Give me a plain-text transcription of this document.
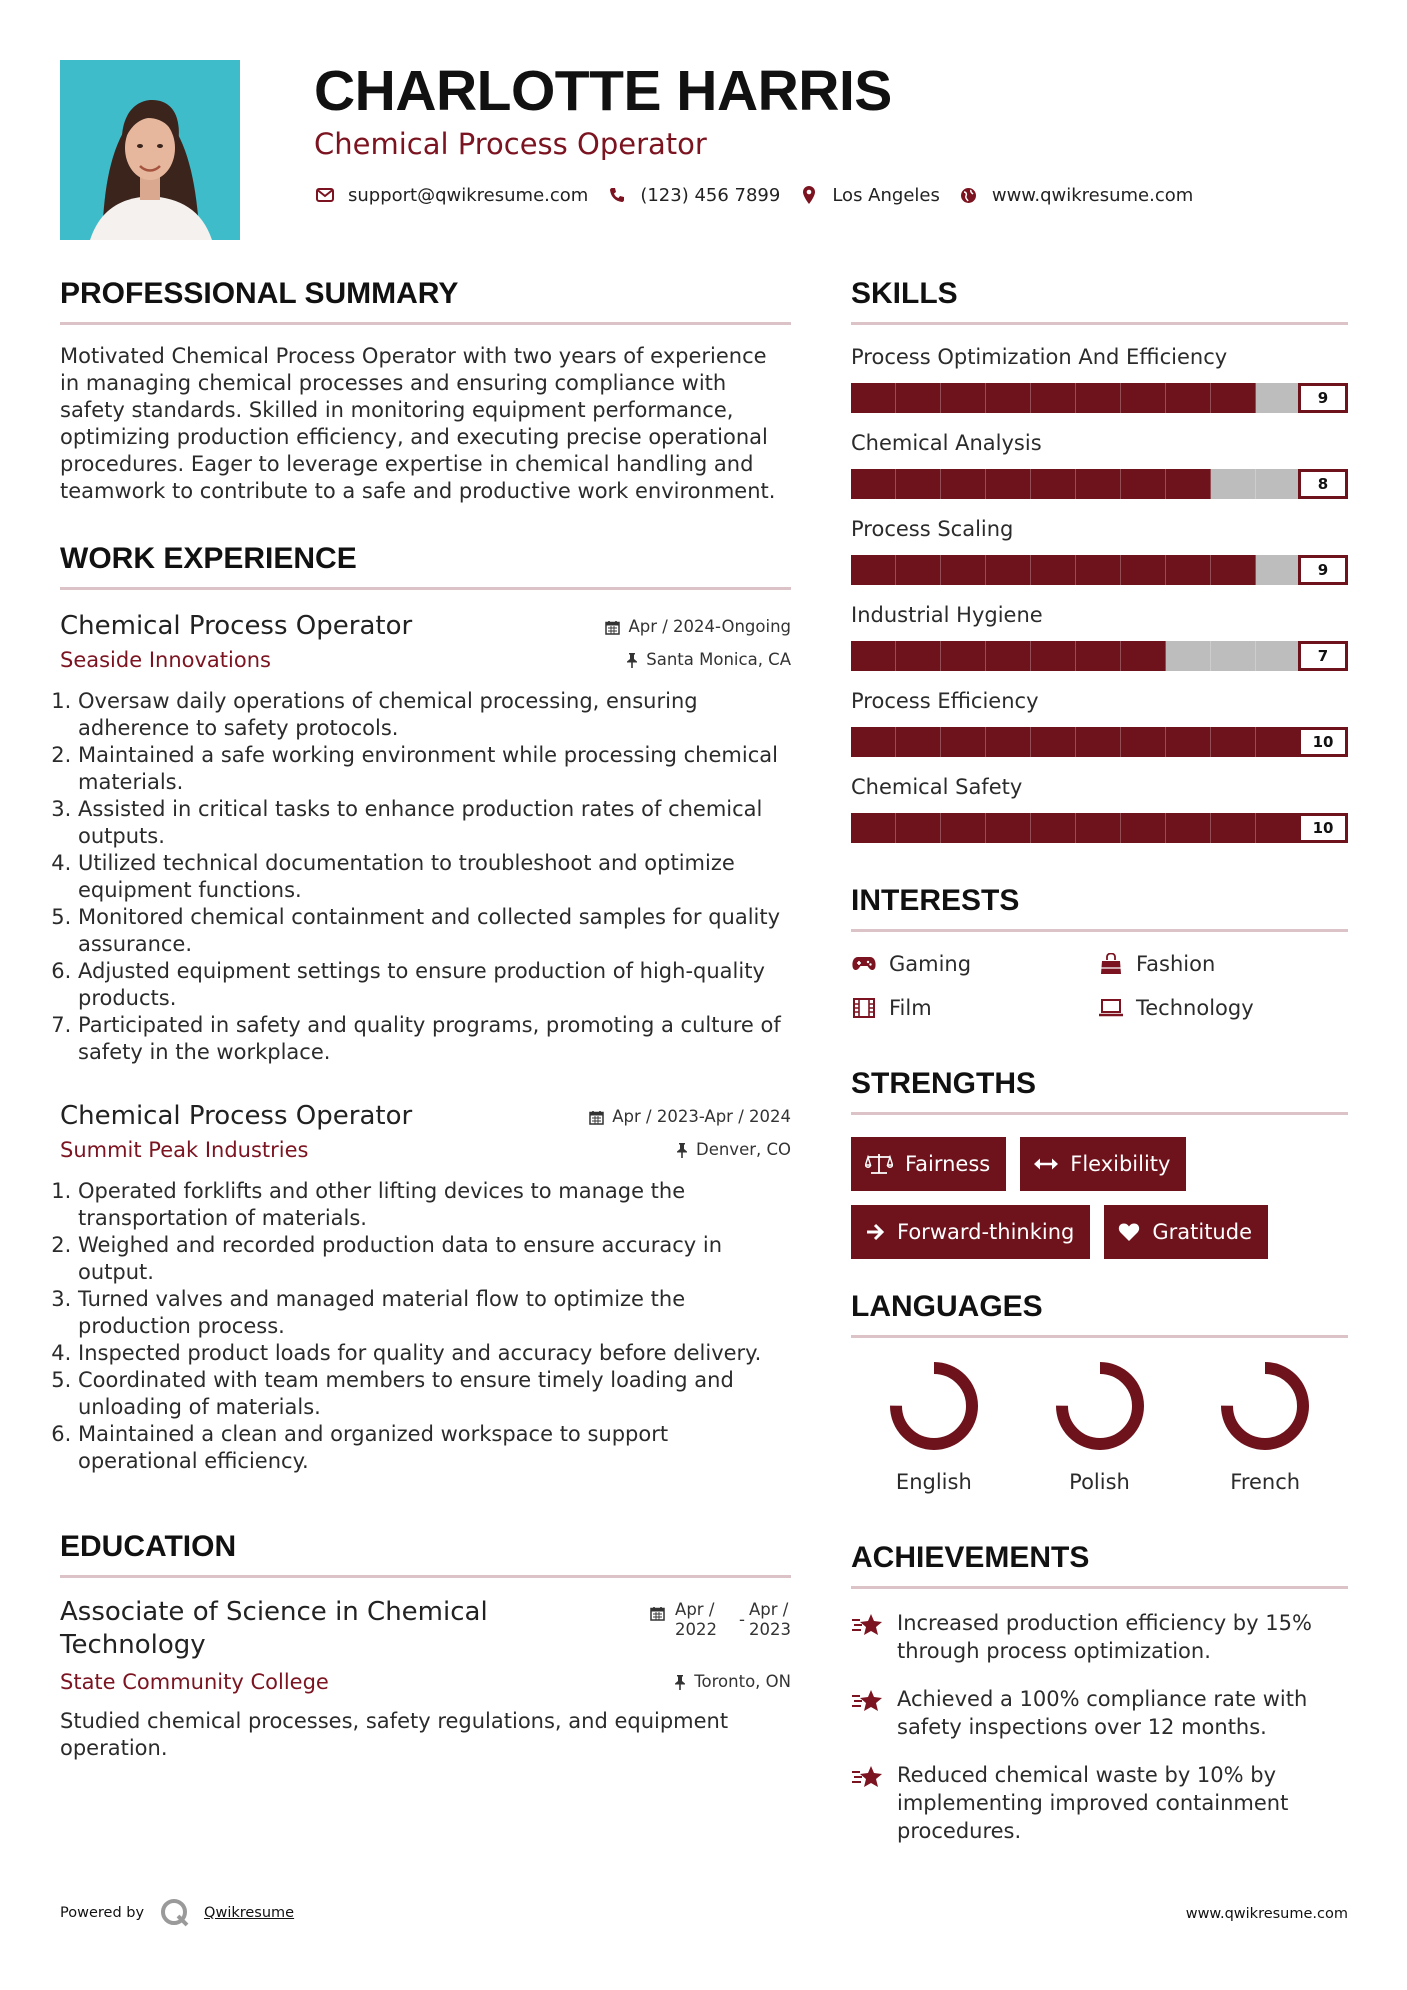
CHARLOTTE HARRIS
Chemical Process Operator
support@qwikresume.com	(123) 456 7899	Los Angeles	www.qwikresume.com
PROFESSIONAL SUMMARY
Motivated Chemical Process Operator with two years of experience in managing chemical processes and ensuring compliance with safety standards. Skilled in monitoring equipment performance, optimizing production efficiency, and executing precise operational procedures. Eager to leverage expertise in chemical handling and teamwork to contribute to a safe and productive work environment.
WORK EXPERIENCE
Chemical Process Operator	Apr / 2024-Ongoing
Seaside Innovations	Santa Monica, CA
1. Oversaw daily operations of chemical processing, ensuring adherence to safety protocols.
2. Maintained a safe working environment while processing chemical materials.
3. Assisted in critical tasks to enhance production rates of chemical outputs.
4. Utilized technical documentation to troubleshoot and optimize equipment functions.
5. Monitored chemical containment and collected samples for quality assurance.
6. Adjusted equipment settings to ensure production of high-quality products.
7. Participated in safety and quality programs, promoting a culture of safety in the workplace.
Chemical Process Operator	Apr / 2023-Apr / 2024
Summit Peak Industries	Denver, CO
1. Operated forklifts and other lifting devices to manage the transportation of materials.
2. Weighed and recorded production data to ensure accuracy in output.
3. Turned valves and managed material flow to optimize the production process.
4. Inspected product loads for quality and accuracy before delivery.
5. Coordinated with team members to ensure timely loading and unloading of materials.
6. Maintained a clean and organized workspace to support operational efficiency.
EDUCATION
Associate of Science in Chemical Technology
Apr /
2022
-
Apr /
2023
State Community College	Toronto, ON
Studied chemical processes, safety regulations, and equipment operation.
SKILLS
Process Optimization And Efficiency
9
Chemical Analysis
8
Process Scaling
9
Industrial Hygiene
7
Process Efficiency
10
Chemical Safety
10
INTERESTS
Gaming	Fashion
Film	Technology
STRENGTHS
Fairness	Flexibility
Forward-thinking	Gratitude
LANGUAGES
English	Polish	French
ACHIEVEMENTS
Increased production efficiency by 15% through process optimization.
Achieved a 100% compliance rate with safety inspections over 12 months.
Reduced chemical waste by 10% by implementing improved containment procedures.
Powered by	Qwikresume	www.qwikresume.com
